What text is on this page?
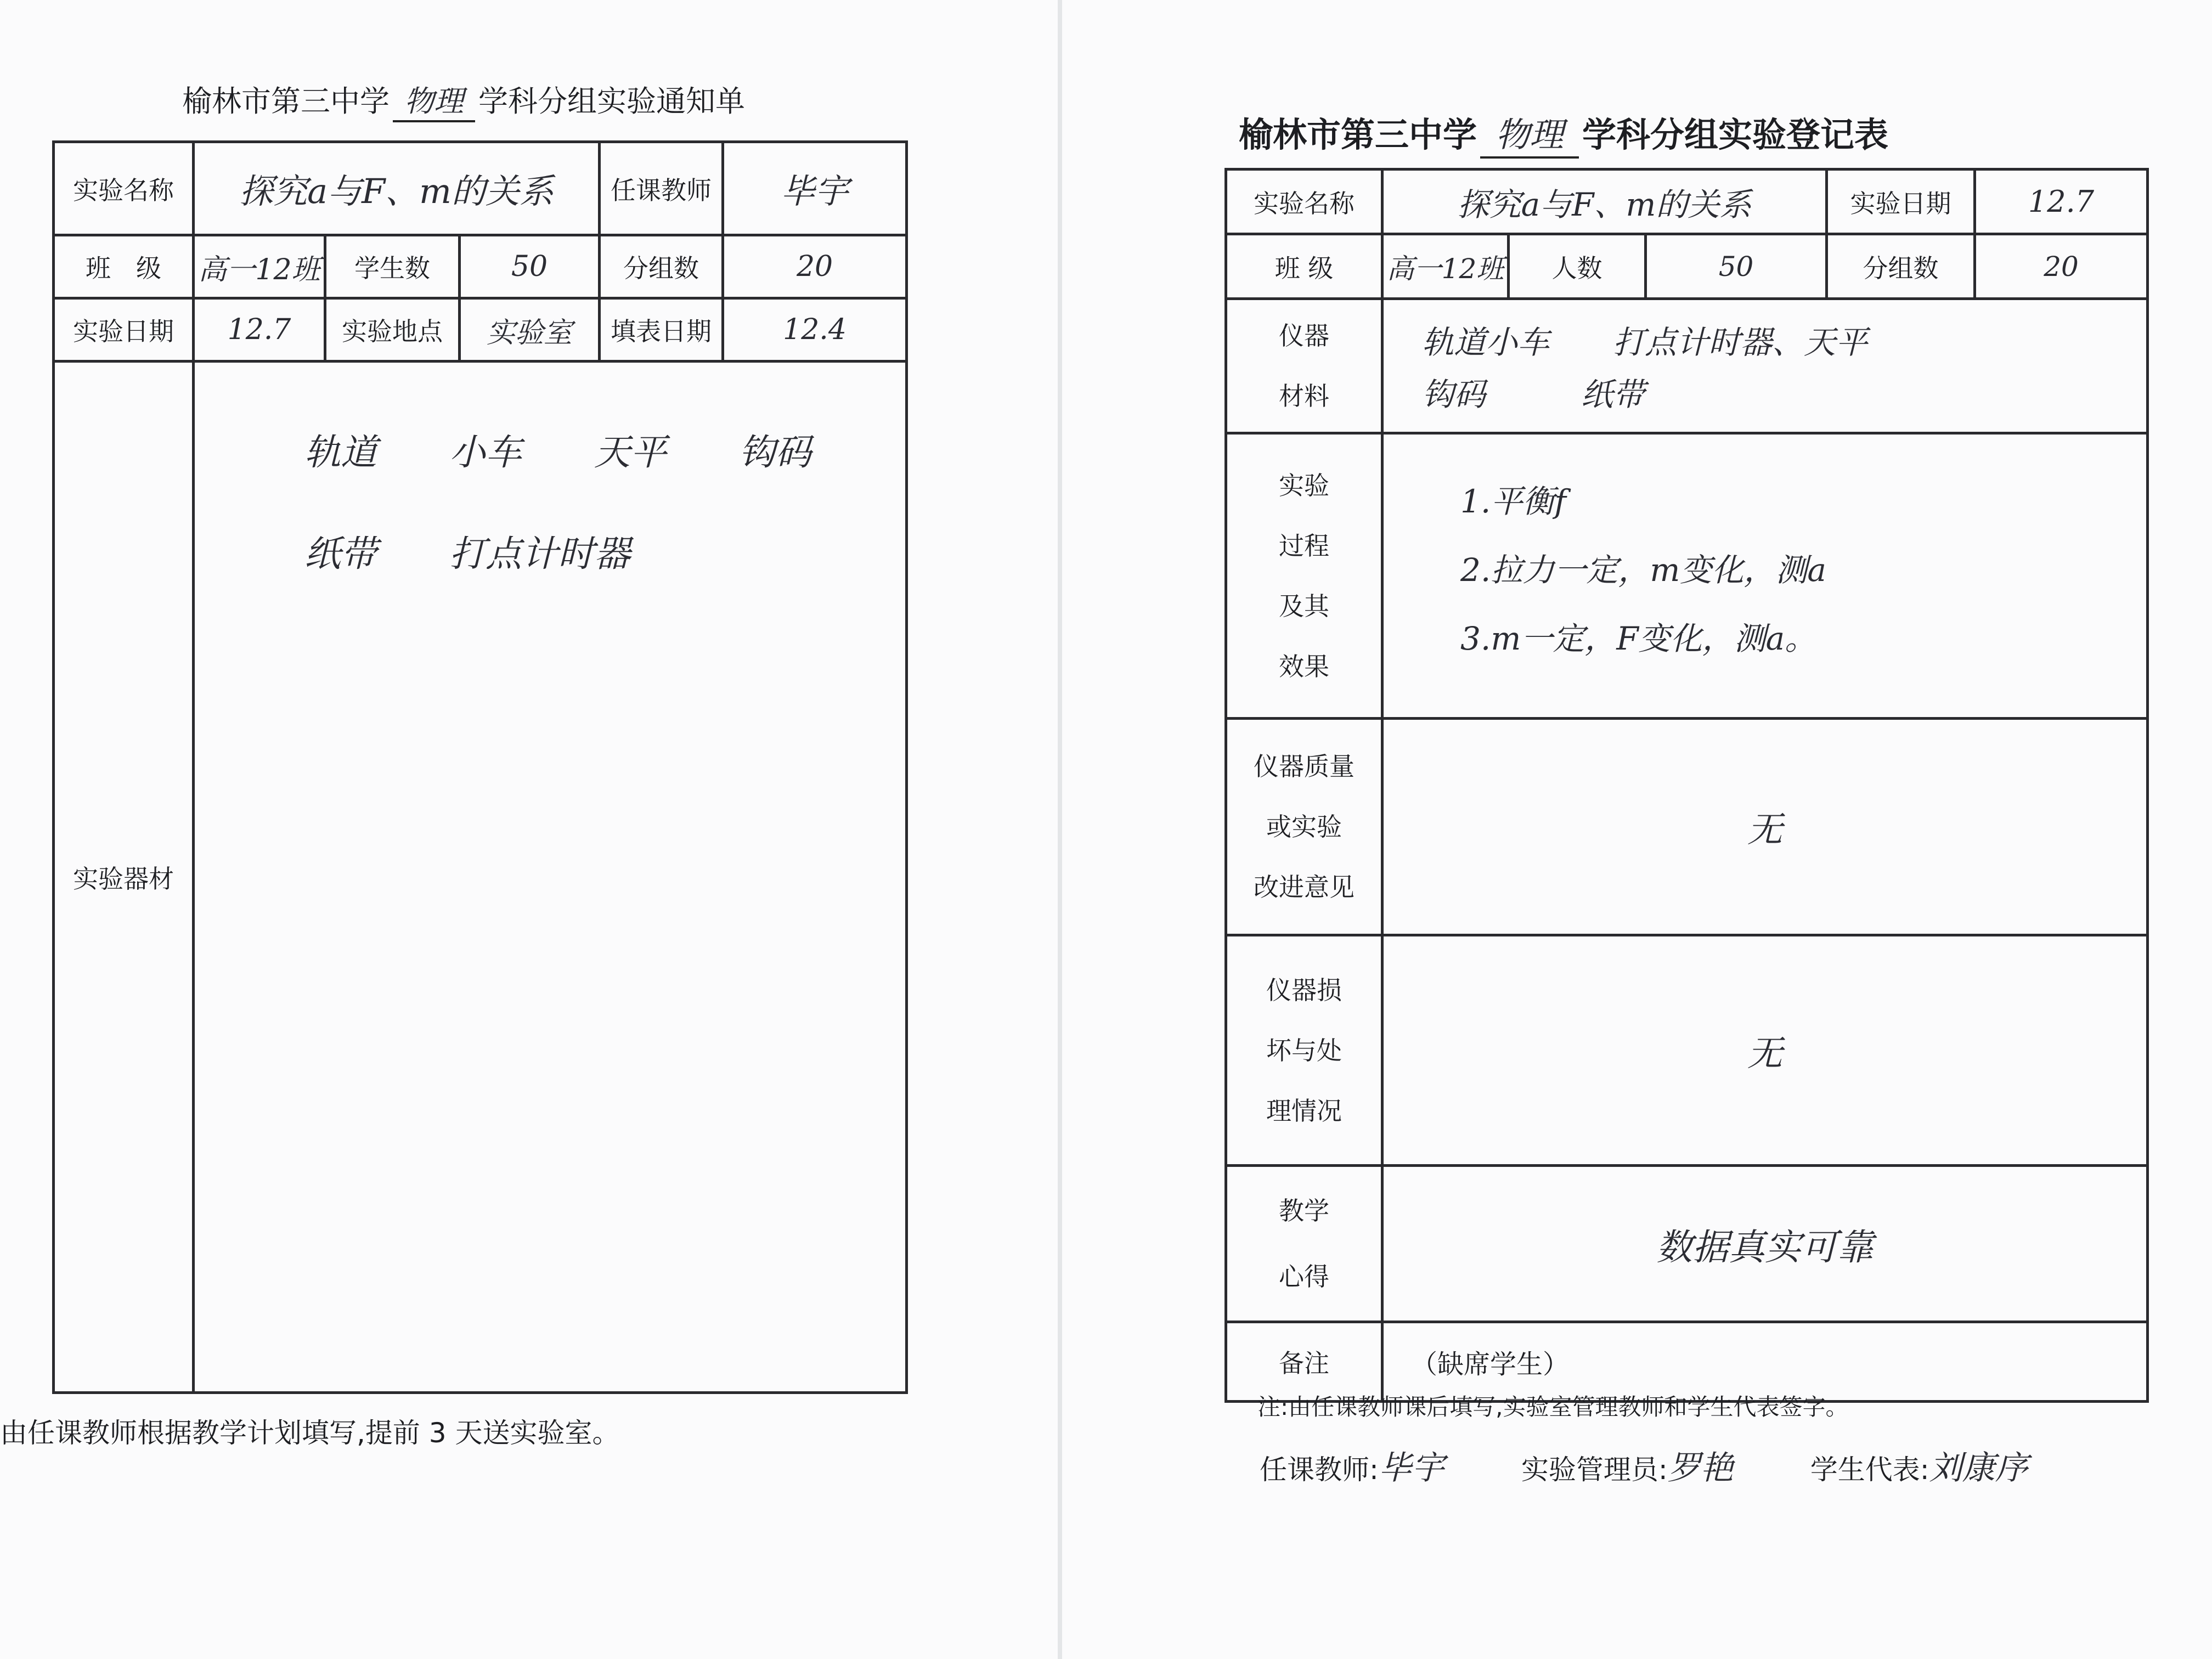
榆林市第三中学 物理 学科分组实验通知单
实验名称	探究a与F、m的关系			任课教师	毕宇
班　级	高一12班	学生数	50	分组数	20
实验日期	12.7	实验地点	实验室	填表日期	12.4
实验器材	轨道　　小车　　天平　　钩码
纸带　　打点计时器				
由任课教师根据教学计划填写,提前 3 天送实验室。
榆林市第三中学 物理 学科分组实验登记表
实验名称	探究a与F、m的关系			实验日期	12.7
班 级	高一12班	人数	50	分组数	20

仪器
材料	轨道小车　　打点计时器、天平
钩码　　　纸带				

实验
过程
及其
效果	1.平衡f
2.拉力一定，m变化，测a
3.m一定，F变化，测a。				

仪器质量
或实验
改进意见	无				

仪器损
坏与处
理情况	无				

教学
心得	数据真实可靠				
备注	（缺席学生）				
注:由任课教师课后填写,实验室管理教师和学生代表签字。
任课教师: 毕宇	实验管理员: 罗艳	学生代表: 刘康序
